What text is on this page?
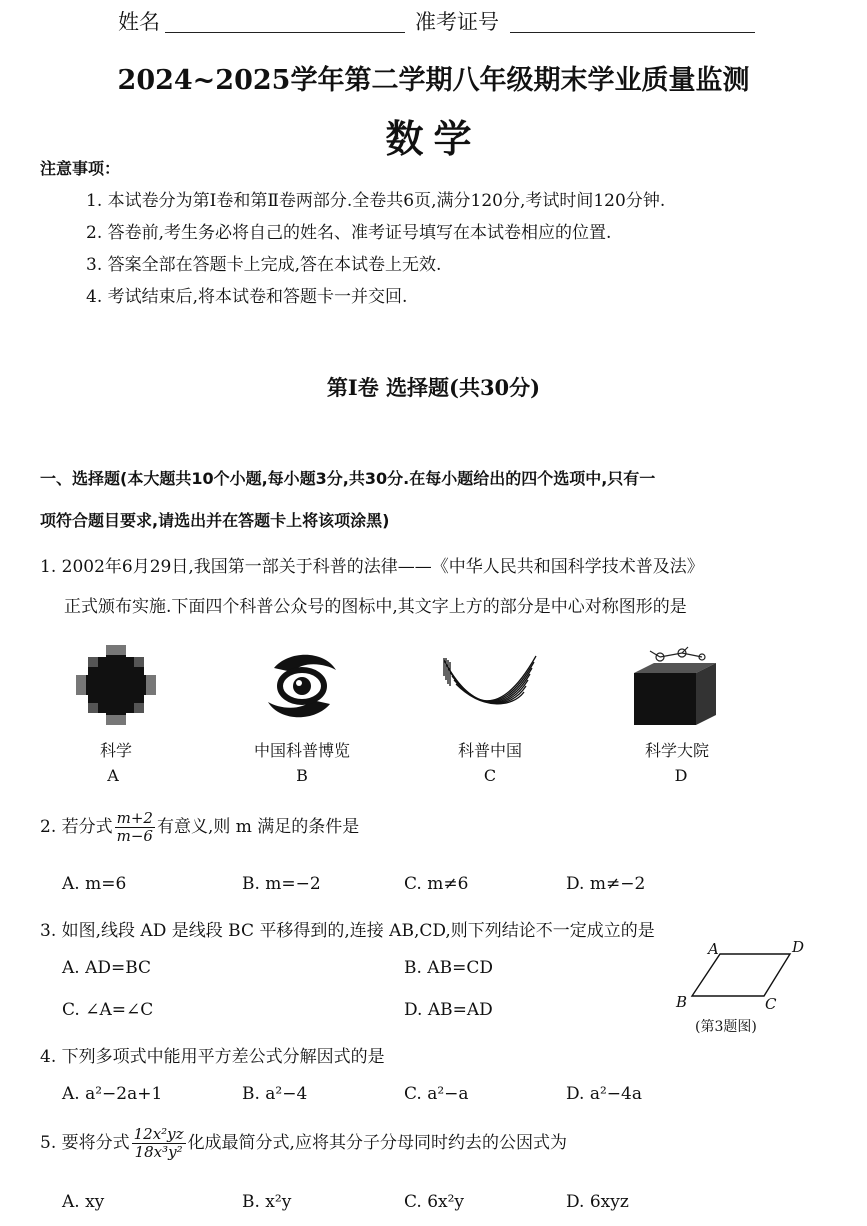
姓名	准考证号
2024~2025学年第二学期八年级期末学业质量监测
数学
注意事项：
1. 本试卷分为第Ⅰ卷和第Ⅱ卷两部分.全卷共6页,满分120分,考试时间120分钟.
2. 答卷前,考生务必将自己的姓名、准考证号填写在本试卷相应的位置.
3. 答案全部在答题卡上完成,答在本试卷上无效.
4. 考试结束后,将本试卷和答题卡一并交回.
第Ⅰ卷 选择题(共30分)
一、选择题(本大题共10个小题,每小题3分,共30分.在每小题给出的四个选项中,只有一
项符合题目要求,请选出并在答题卡上将该项涂黑)
1. 2002年6月29日,我国第一部关于科普的法律——《中华人民共和国科学技术普及法》
正式颁布实施.下面四个科普公众号的图标中,其文字上方的部分是中心对称图形的是
科学	中国科普博览	科普中国	科学大院
A	B	C	D
2. 若分式 $\frac{m+2}{m-6}$ 有意义,则 m 满足的条件是
A. m=6	B. m=−2	C. m≠6	D. m≠−2
3. 如图,线段 AD 是线段 BC 平移得到的,连接 AB,CD,则下列结论不一定成立的是
A. AD=BC	B. AB=CD
C. ∠A=∠C	D. AB=AD
A	D
B	C
(第3题图)
4. 下列多项式中能用平方差公式分解因式的是
A. a²−2a+1	B. a²−4	C. a²−a	D. a²−4a
5. 要将分式 $\frac{\text{12x²yz}}{\text{18x³y²}}$ 化成最简分式,应将其分子分母同时约去的公因式为
A. xy	B. x²y	C. 6x²y	D. 6xyz
